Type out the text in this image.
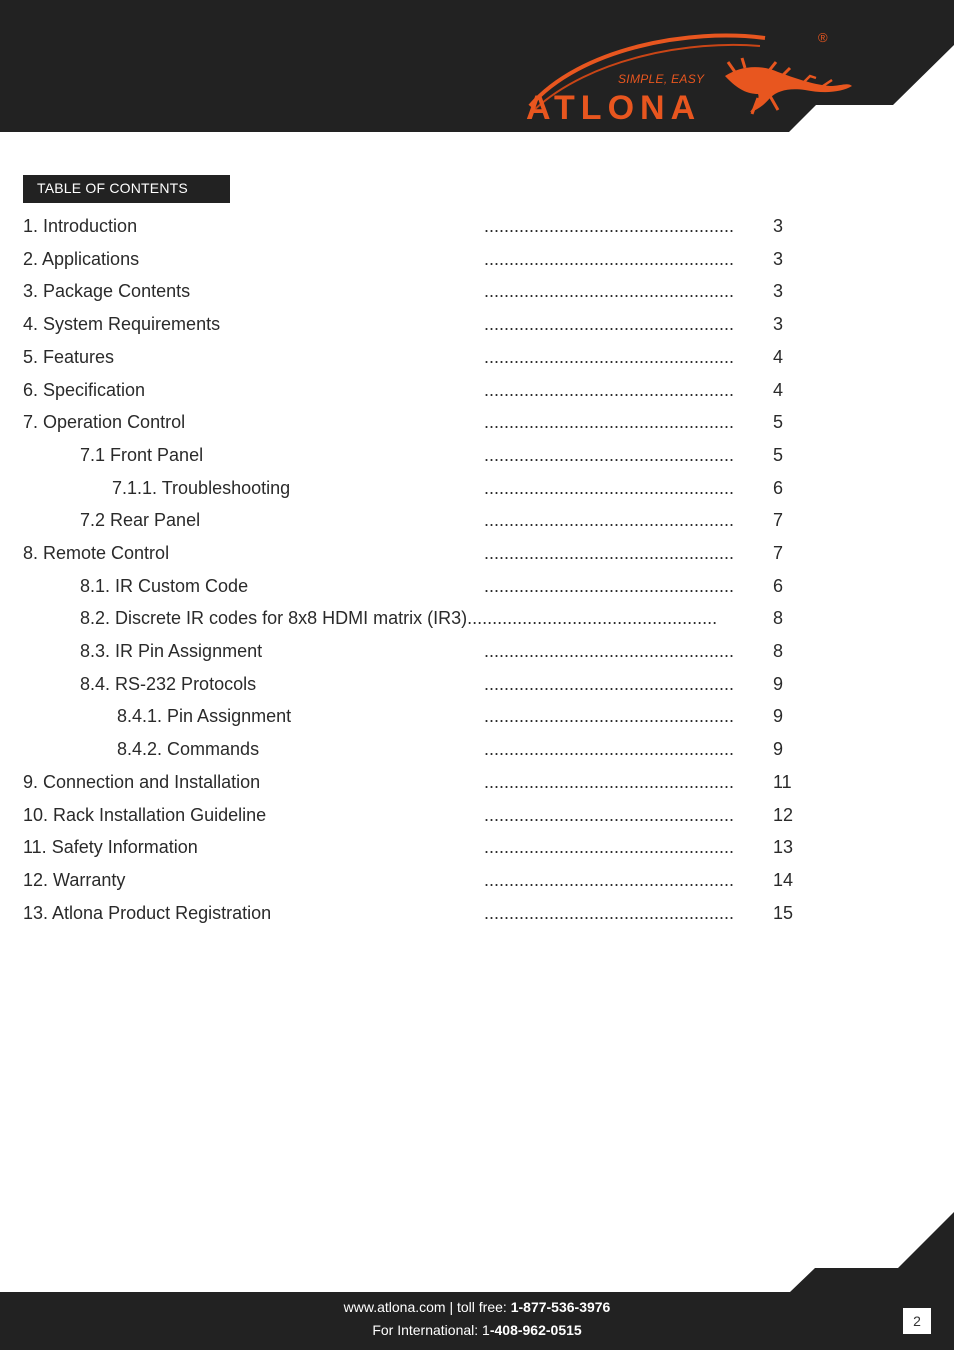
SIMPLE, EASY
ATLONA
®
TABLE OF CONTENTS
1. Introduction	.................................................. 3
2. Applications	.................................................. 3
3. Package Contents	.................................................. 3
4. System Requirements	.................................................. 3
5. Features	.................................................. 4
6. Specification	.................................................. 4
7. Operation Control	.................................................. 5
7.1 Front Panel	.................................................. 5
7.1.1. Troubleshooting	.................................................. 6
7.2 Rear Panel	.................................................. 7
8. Remote Control	.................................................. 7
8.1. IR Custom Code	.................................................. 6
8.2. Discrete IR codes for 8x8 HDMI matrix (IR3)..................................................	8
8.3. IR Pin Assignment	.................................................. 8
8.4. RS-232 Protocols	.................................................. 9
8.4.1. Pin Assignment	.................................................. 9
8.4.2. Commands	.................................................. 9
9. Connection and Installation	.................................................. 11
10. Rack Installation Guideline	.................................................. 12
11. Safety Information	.................................................. 13
12. Warranty	.................................................. 14
13. Atlona Product Registration	.................................................. 15
www.atlona.com | toll free: 1-877-536-3976
For International: 1-408-962-0515
2
